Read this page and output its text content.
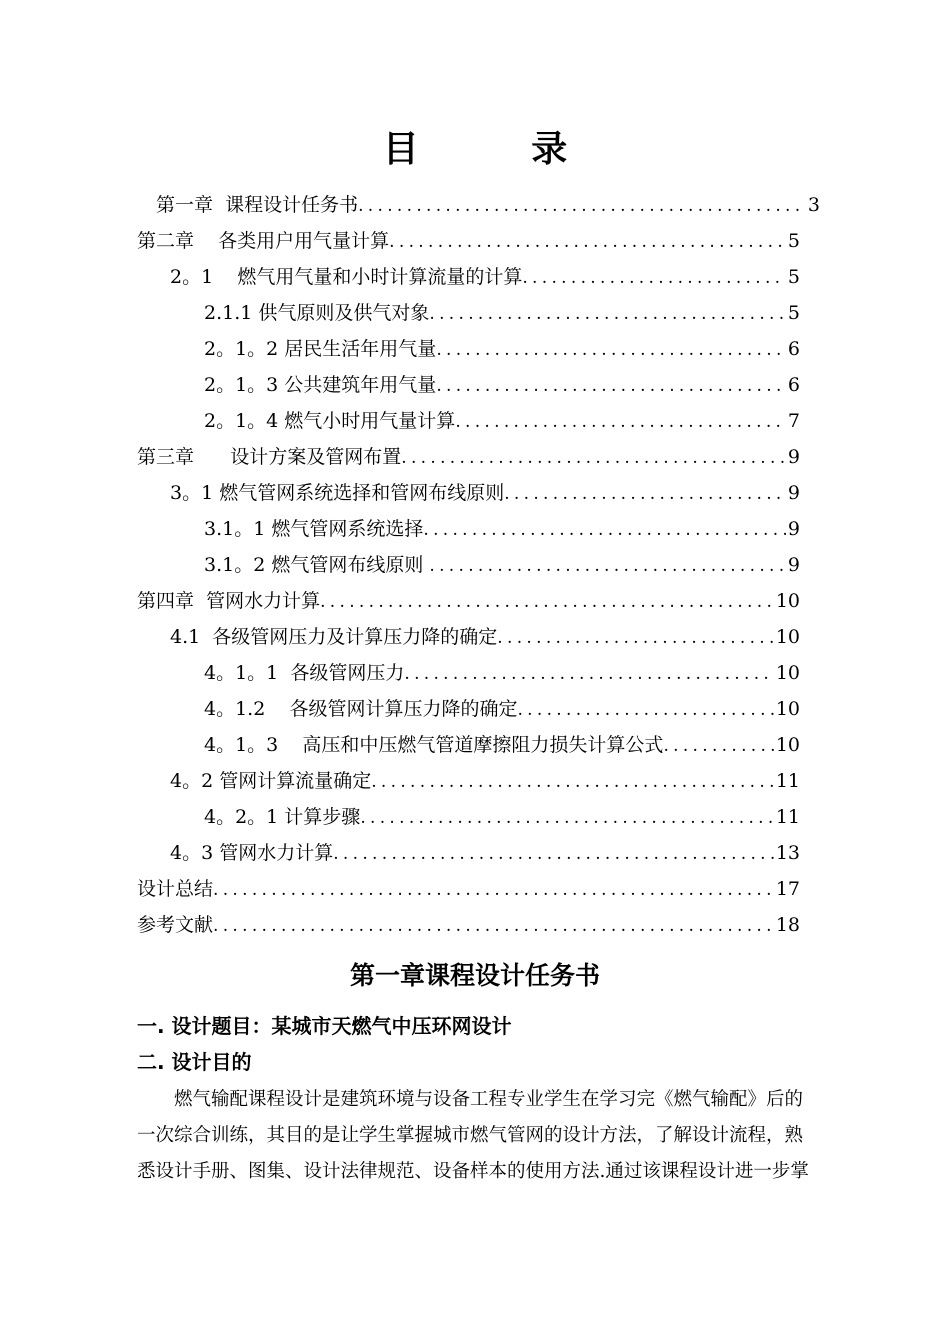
目 录
第一章  课程设计任务书 .....	3
第二章    各类用户用气量计算 .....	5
2。1    燃气用气量和小时计算流量的计算 .....	5
2.1.1 供气原则及供气对象 .....	5
2。1。2 居民生活年用气量 .....	6
2。1。3 公共建筑年用气量 .....	6
2。1。4 燃气小时用气量计算 .....	7
第三章      设计方案及管网布置 .....	9
3。1 燃气管网系统选择和管网布线原则 .....	9
3.1。1 燃气管网系统选择 .....	9
3.1。2 燃气管网布线原则 .....	9
第四章  管网水力计算 .....	10
4.1  各级管网压力及计算压力降的确定 .....	10
4。1。1  各级管网压力 .....	10
4。1.2    各级管网计算压力降的确定 .....	10
4。1。3    高压和中压燃气管道摩擦阻力损失计算公式 .....	10
4。2 管网计算流量确定 .....	11
4。2。1 计算步骤 .....	11
4。3 管网水力计算 .....	13
设计总结 .....	17
参考文献 .....	18
第一章课程设计任务书
一. 设计题目：某城市天燃气中压环网设计
二. 设计目的
燃气输配课程设计是建筑环境与设备工程专业学生在学习完《燃气输配》后的
一次综合训练，其目的是让学生掌握城市燃气管网的设计方法，了解设计流程，熟
悉设计手册、图集、设计法律规范、设备样本的使用方法.通过该课程设计进一步掌
